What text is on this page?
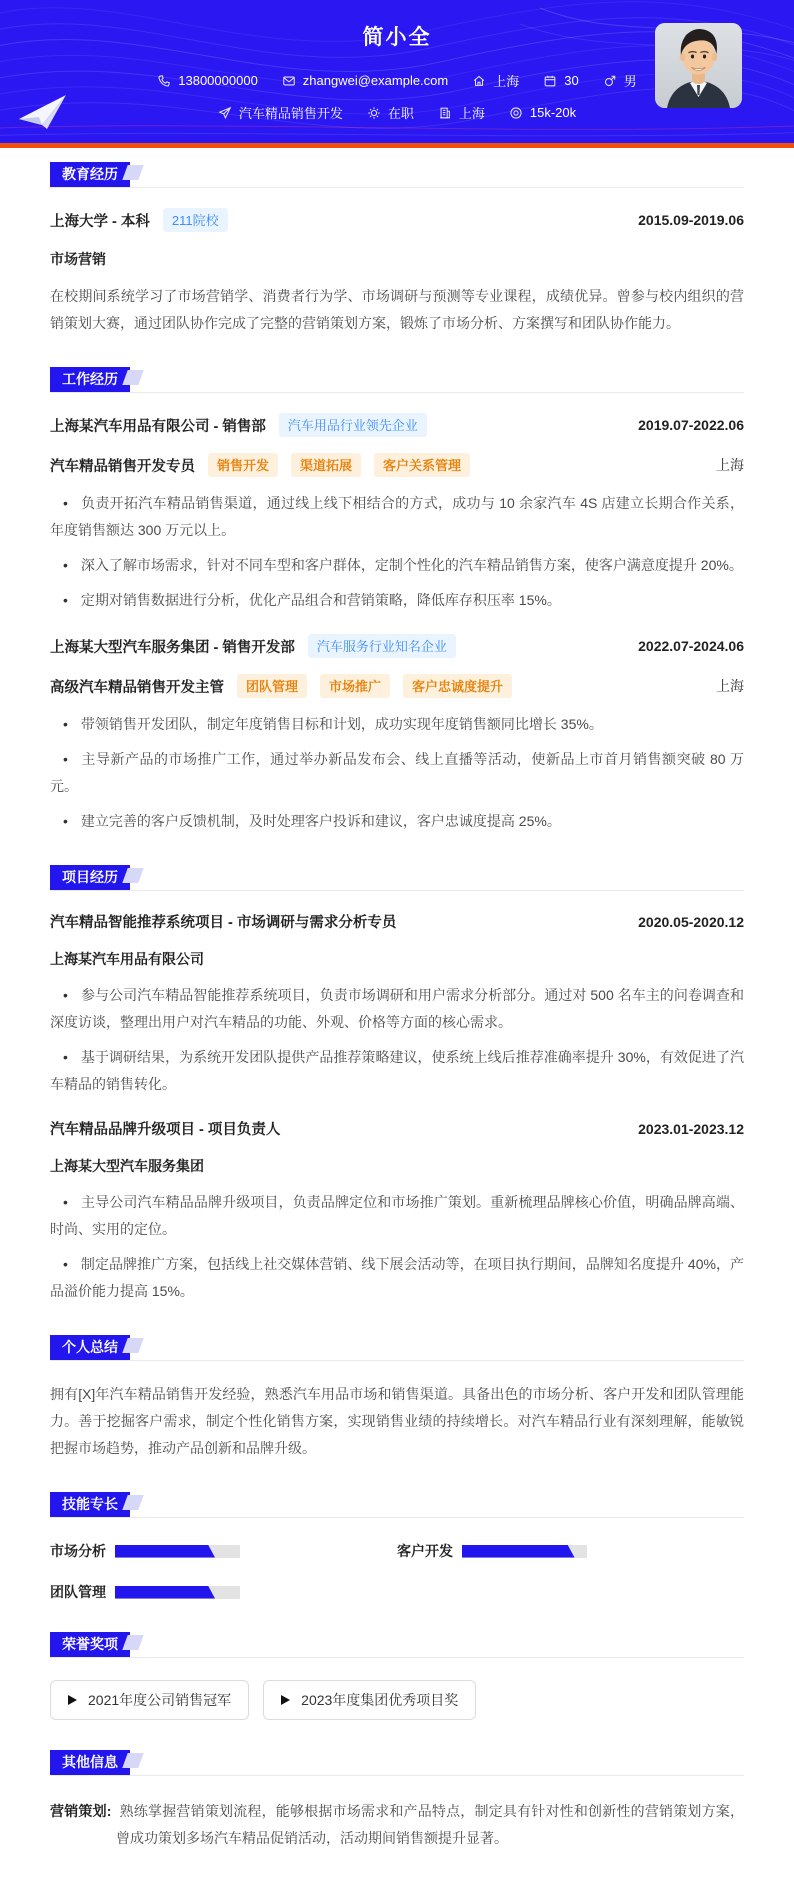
简小全
13800000000	zhangwei@example.com	上海	30	男
汽车精品销售开发	在职	上海	15k-20k
教育经历
上海大学 - 本科	211院校	2015.09-2019.06
市场营销

在校期间系统学习了市场营销学、消费者行为学、市场调研与预测等专业课程，成绩优异。曾参与校内组织的营销策划大赛，通过团队协作完成了完整的营销策划方案，锻炼了市场分析、方案撰写和团队协作能力。

工作经历
上海某汽车用品有限公司 - 销售部	汽车用品行业领先企业	2019.07-2022.06
汽车精品销售开发专员	销售开发	渠道拓展	客户关系管理	上海

• 负责开拓汽车精品销售渠道，通过线上线下相结合的方式，成功与 10 余家汽车 4S 店建立长期合作关系，年度销售额达 300 万元以上。

• 深入了解市场需求，针对不同车型和客户群体，定制个性化的汽车精品销售方案，使客户满意度提升 20%。

• 定期对销售数据进行分析，优化产品组合和营销策略，降低库存积压率 15%。

上海某大型汽车服务集团 - 销售开发部	汽车服务行业知名企业	2022.07-2024.06
高级汽车精品销售开发主管	团队管理	市场推广	客户忠诚度提升	上海

• 带领销售开发团队，制定年度销售目标和计划，成功实现年度销售额同比增长 35%。

• 主导新产品的市场推广工作，通过举办新品发布会、线上直播等活动，使新品上市首月销售额突破 80 万元。

• 建立完善的客户反馈机制，及时处理客户投诉和建议，客户忠诚度提高 25%。

项目经历
汽车精品智能推荐系统项目 - 市场调研与需求分析专员	2020.05-2020.12
上海某汽车用品有限公司

• 参与公司汽车精品智能推荐系统项目，负责市场调研和用户需求分析部分。通过对 500 名车主的问卷调查和深度访谈，整理出用户对汽车精品的功能、外观、价格等方面的核心需求。

• 基于调研结果，为系统开发团队提供产品推荐策略建议，使系统上线后推荐准确率提升 30%，有效促进了汽车精品的销售转化。

汽车精品品牌升级项目 - 项目负责人	2023.01-2023.12
上海某大型汽车服务集团

• 主导公司汽车精品品牌升级项目，负责品牌定位和市场推广策划。重新梳理品牌核心价值，明确品牌高端、时尚、实用的定位。

• 制定品牌推广方案，包括线上社交媒体营销、线下展会活动等，在项目执行期间，品牌知名度提升 40%，产品溢价能力提高 15%。

个人总结

拥有[X]年汽车精品销售开发经验，熟悉汽车用品市场和销售渠道。具备出色的市场分析、客户开发和团队管理能力。善于挖掘客户需求，制定个性化销售方案，实现销售业绩的持续增长。对汽车精品行业有深刻理解，能敏锐把握市场趋势，推动产品创新和品牌升级。

技能专长
市场分析	客户开发
团队管理
荣誉奖项
2021年度公司销售冠军	2023年度集团优秀项目奖
其他信息

营销策划: 熟练掌握营销策划流程，能够根据市场需求和产品特点，制定具有针对性和创新性的营销策划方案，曾成功策划多场汽车精品促销活动，活动期间销售额提升显著。
